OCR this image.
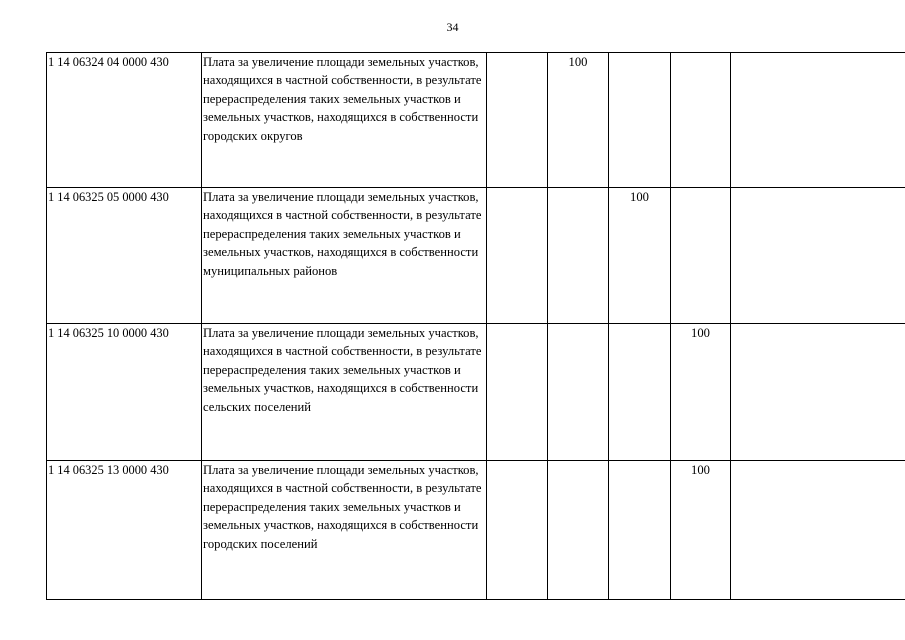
34
1 14 06324 04 0000 430	Плата за увеличение площади земельных участков, находящихся в частной собственности, в результате перераспределения таких земельных участков и земельных участков, находящихся в собственности городских округов		100			
1 14 06325 05 0000 430	Плата за увеличение площади земельных участков, находящихся в частной собственности, в результате перераспределения таких земельных участков и земельных участков, находящихся в собственности муниципальных районов			100		
1 14 06325 10 0000 430	Плата за увеличение площади земельных участков, находящихся в частной собственности, в результате перераспределения таких земельных участков и земельных участков, находящихся в собственности сельских поселений				100	
1 14 06325 13 0000 430	Плата за увеличение площади земельных участков, находящихся в частной собственности, в результате перераспределения таких земельных участков и земельных участков, находящихся в собственности городских поселений				100	
